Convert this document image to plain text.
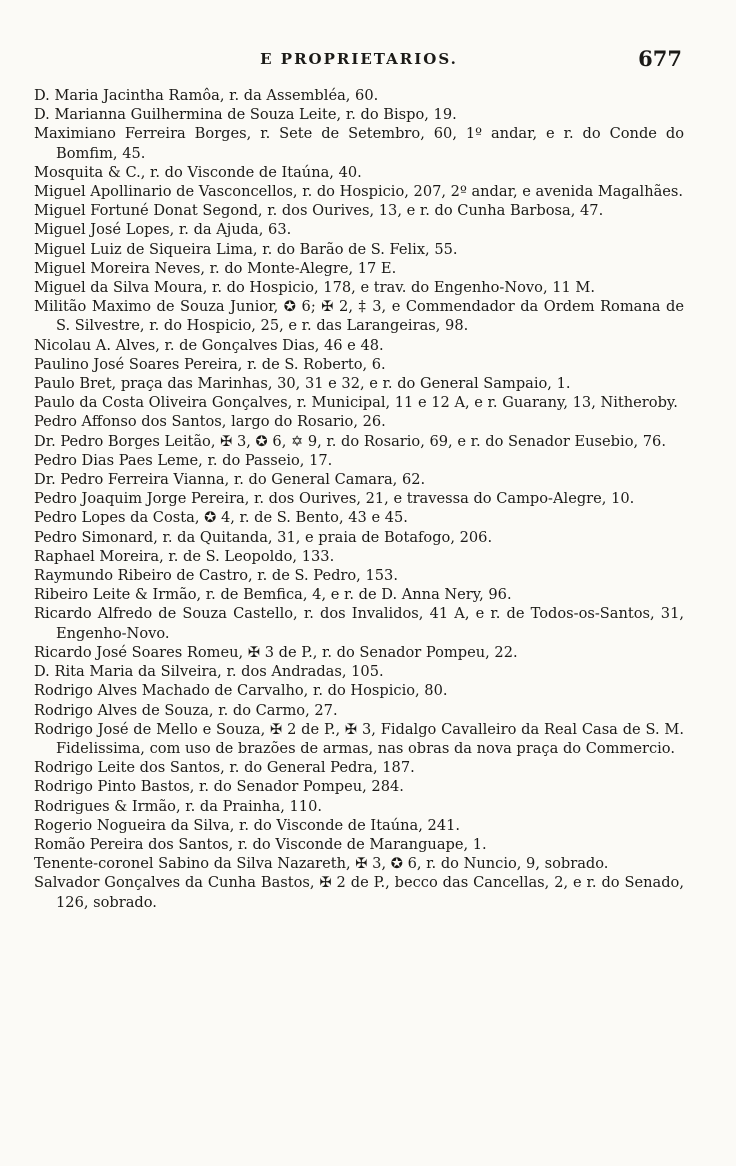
E PROPRIETARIOS.	677

D. Maria Jacintha Ramôa, r. da Assembléa, 60.

D. Marianna Guilhermina de Souza Leite, r. do Bispo, 19.

Maximiano Ferreira Borges, r. Sete de Setembro, 60, 1º andar, e r. do Conde do Bomfim, 45.

Mosquita & C., r. do Visconde de Itaúna, 40.

Miguel Apollinario de Vasconcellos, r. do Hospicio, 207, 2º andar, e avenida Magalhães.

Miguel Fortuné Donat Segond, r. dos Ourives, 13, e r. do Cunha Barbosa, 47.

Miguel José Lopes, r. da Ajuda, 63.

Miguel Luiz de Siqueira Lima, r. do Barão de S. Felix, 55.

Miguel Moreira Neves, r. do Monte-Alegre, 17 E.

Miguel da Silva Moura, r. do Hospicio, 178, e trav. do Engenho-Novo, 11 M.

Militão Maximo de Souza Junior, ✪ 6; ✠ 2, ‡ 3, e Commendador da Ordem Romana de S. Silvestre, r. do Hospicio, 25, e r. das Larangeiras, 98.

Nicolau A. Alves, r. de Gonçalves Dias, 46 e 48.

Paulino José Soares Pereira, r. de S. Roberto, 6.

Paulo Bret, praça das Marinhas, 30, 31 e 32, e r. do General Sampaio, 1.

Paulo da Costa Oliveira Gonçalves, r. Municipal, 11 e 12 A, e r. Guarany, 13, Nitheroby.

Pedro Affonso dos Santos, largo do Rosario, 26.

Dr. Pedro Borges Leitão, ✠ 3, ✪ 6, ✡ 9, r. do Rosario, 69, e r. do Senador Eusebio, 76.

Pedro Dias Paes Leme, r. do Passeio, 17.

Dr. Pedro Ferreira Vianna, r. do General Camara, 62.

Pedro Joaquim Jorge Pereira, r. dos Ourives, 21, e travessa do Campo-Alegre, 10.

Pedro Lopes da Costa, ✪ 4, r. de S. Bento, 43 e 45.

Pedro Simonard, r. da Quitanda, 31, e praia de Botafogo, 206.

Raphael Moreira, r. de S. Leopoldo, 133.

Raymundo Ribeiro de Castro, r. de S. Pedro, 153.

Ribeiro Leite & Irmão, r. de Bemfica, 4, e r. de D. Anna Nery, 96.

Ricardo Alfredo de Souza Castello, r. dos Invalidos, 41 A, e r. de Todos-os-Santos, 31, Engenho-Novo.

Ricardo José Soares Romeu, ✠ 3 de P., r. do Senador Pompeu, 22.

D. Rita Maria da Silveira, r. dos Andradas, 105.

Rodrigo Alves Machado de Carvalho, r. do Hospicio, 80.

Rodrigo Alves de Souza, r. do Carmo, 27.

Rodrigo José de Mello e Souza, ✠ 2 de P., ✠ 3, Fidalgo Cavalleiro da Real Casa de S. M. Fidelissima, com uso de brazões de armas, nas obras da nova praça do Commercio.

Rodrigo Leite dos Santos, r. do General Pedra, 187.

Rodrigo Pinto Bastos, r. do Senador Pompeu, 284.

Rodrigues & Irmão, r. da Prainha, 110.

Rogerio Nogueira da Silva, r. do Visconde de Itaúna, 241.

Romão Pereira dos Santos, r. do Visconde de Maranguape, 1.

Tenente-coronel Sabino da Silva Nazareth, ✠ 3, ✪ 6, r. do Nuncio, 9, sobrado.

Salvador Gonçalves da Cunha Bastos, ✠ 2 de P., becco das Cancellas, 2, e r. do Senado, 126, sobrado.
